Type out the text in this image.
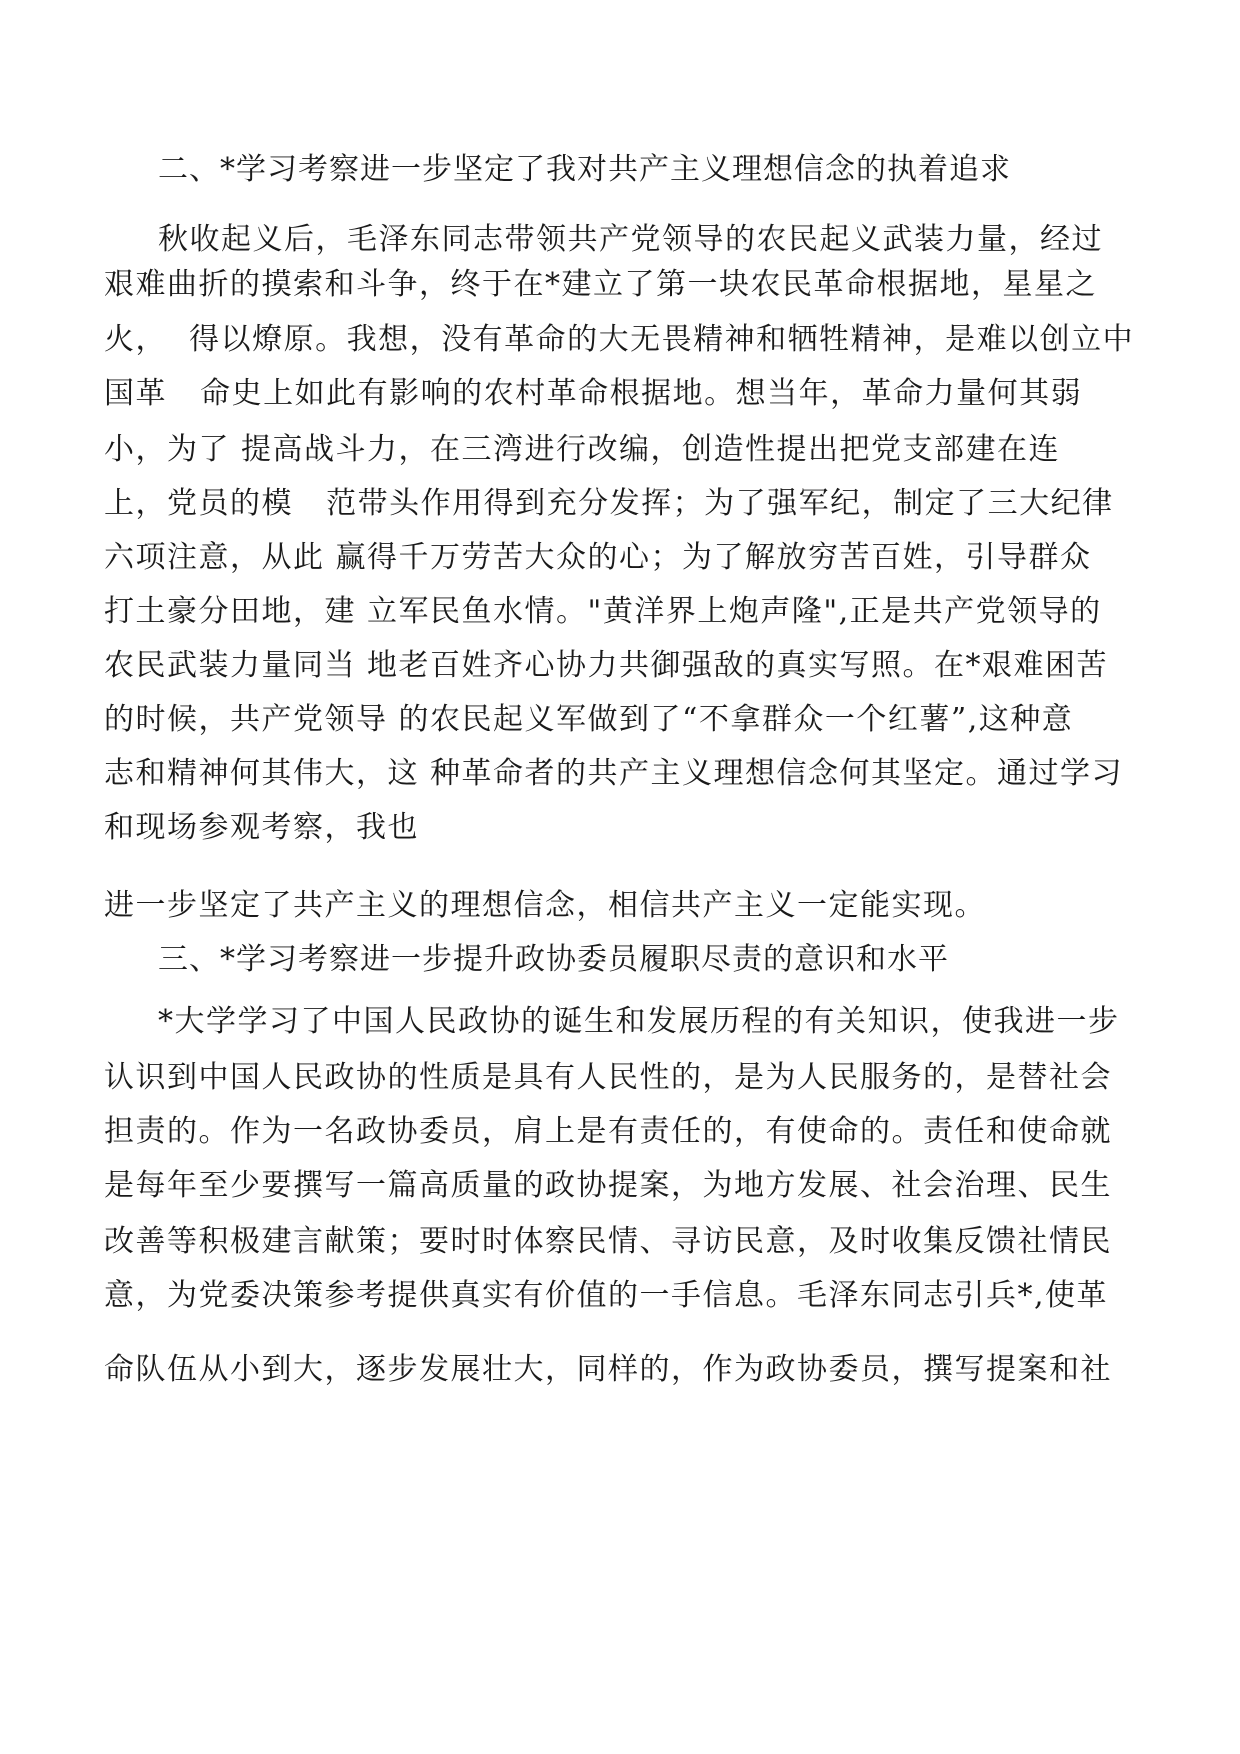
二、*学习考察进一步坚定了我对共产主义理想信念的执着追求

秋收起义后，毛泽东同志带领共产党领导的农民起义武装力量，经过

艰难曲折的摸索和斗争，终于在*建立了第一块农民革命根据地，星星之

火，  得以燎原。我想，没有革命的大无畏精神和牺牲精神，是难以创立中

国革   命史上如此有影响的农村革命根据地。想当年，革命力量何其弱

小，为了 提高战斗力，在三湾进行改编，创造性提出把党支部建在连

上，党员的模   范带头作用得到充分发挥；为了强军纪，制定了三大纪律

六项注意，从此 赢得千万劳苦大众的心；为了解放穷苦百姓，引导群众

打土豪分田地，建 立军民鱼水情。"黄洋界上炮声隆",正是共产党领导的

农民武装力量同当 地老百姓齐心协力共御强敌的真实写照。在*艰难困苦

的时候，共产党领导 的农民起义军做到了“不拿群众一个红薯”,这种意

志和精神何其伟大，这 种革命者的共产主义理想信念何其坚定。通过学习

和现场参观考察，我也

进一步坚定了共产主义的理想信念，相信共产主义一定能实现。

三、*学习考察进一步提升政协委员履职尽责的意识和水平

*大学学习了中国人民政协的诞生和发展历程的有关知识，使我进一步

认识到中国人民政协的性质是具有人民性的，是为人民服务的，是替社会

担责的。作为一名政协委员，肩上是有责任的，有使命的。责任和使命就

是每年至少要撰写一篇高质量的政协提案，为地方发展、社会治理、民生

改善等积极建言献策；要时时体察民情、寻访民意，及时收集反馈社情民

意，为党委决策参考提供真实有价值的一手信息。毛泽东同志引兵*,使革

命队伍从小到大，逐步发展壮大，同样的，作为政协委员，撰写提案和社
